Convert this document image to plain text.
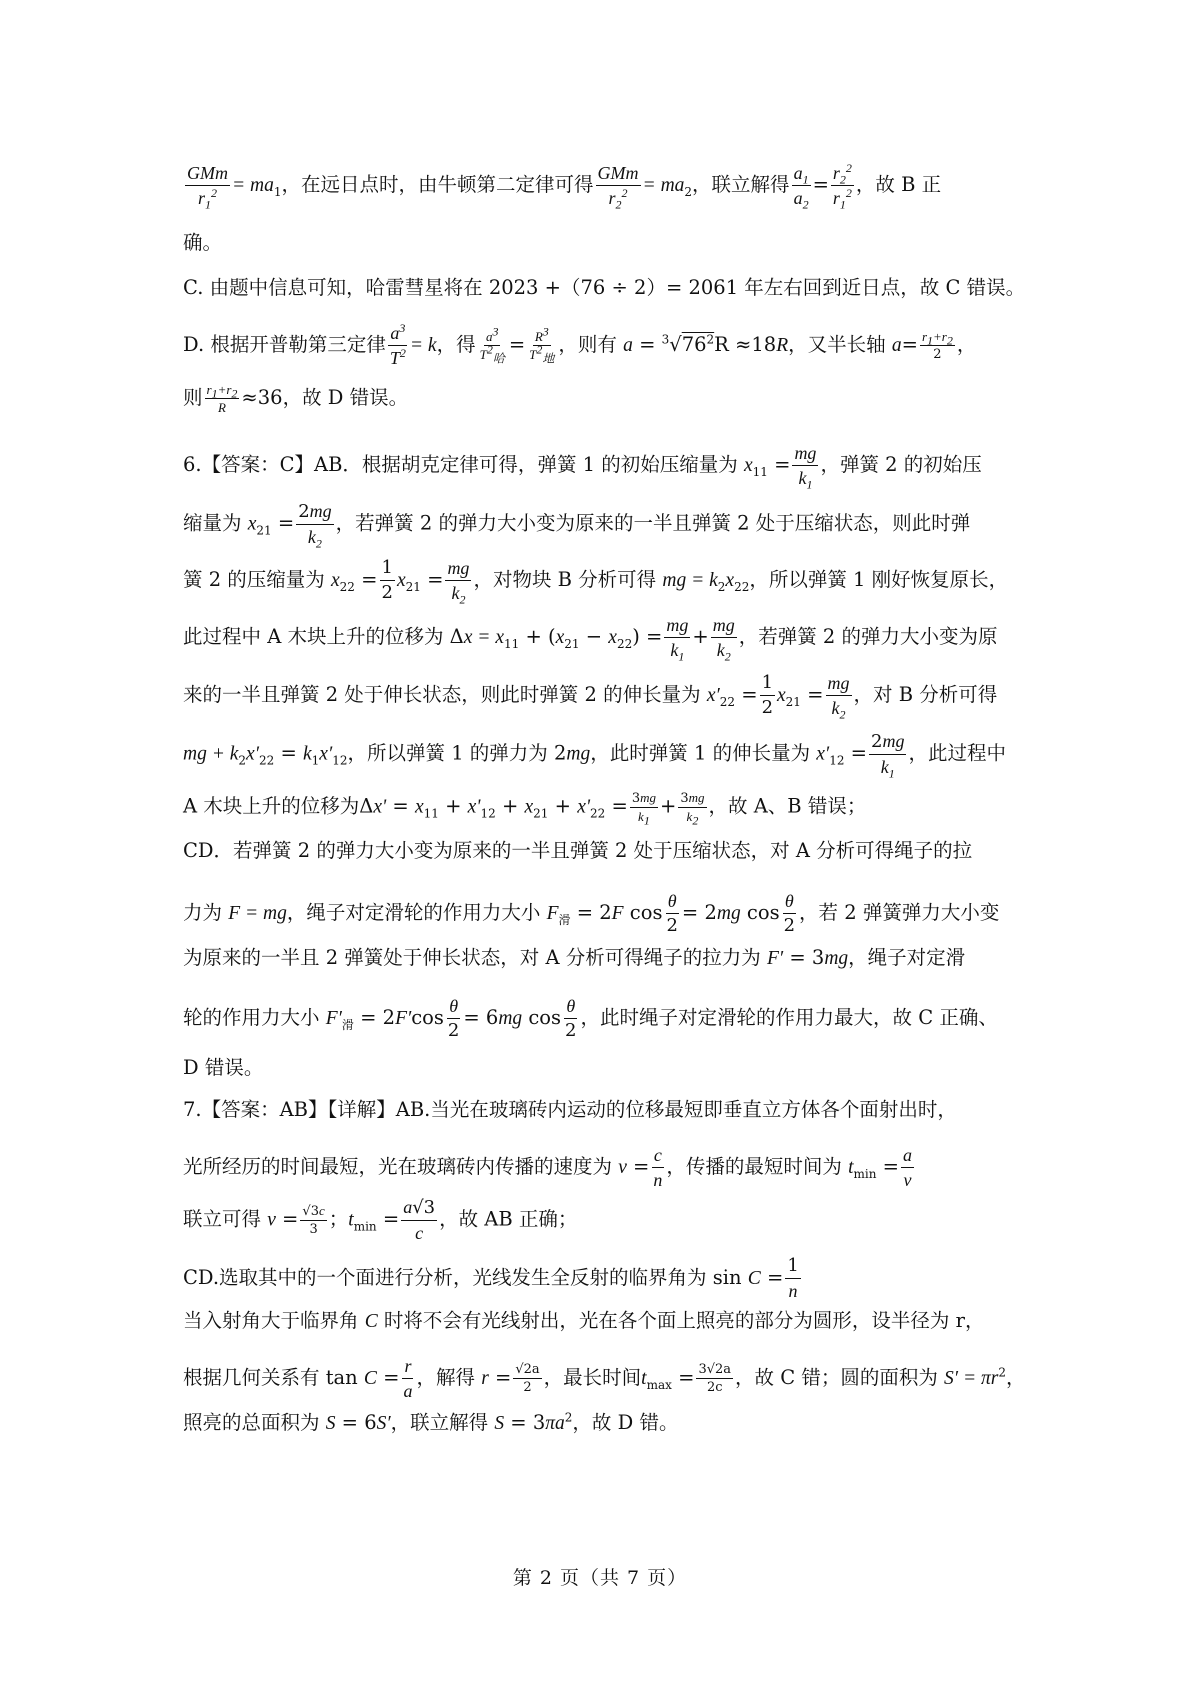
GMm
$r_1^2 = ma_1$，在远日点时，由牛顿第二定律可得 GMm
$r_2^2 = ma_2$，联立解得 $\frac{a_1}{a_2} = \frac{r_2^2}{r_1^2}$ ，故 B 正
确。
C. 由题中信息可知，哈雷彗星将在 2023 +（76 ÷ 2）= 2061 年左右回到近日点，故 C 错误。
D. 根据开普勒第三定律 $\frac{a^3}{T^2} = k$，得 $a^3$
$T^2_哈$
= $R^3$
$T^2_地$
，则有 $a = ^3√76^2R \approx 18R$，又半长轴 $a= \frac{r_1+r_2}{2}$ ，
则 $\frac{r_1+r_2}{R} \approx 36$，故 D 错误。
6.【答案：C】AB．根据胡克定律可得，弹簧 1 的初始压缩量为 $x_{11} = \frac{mg}{k_1}$ ，弹簧 2 的初始压
缩量为 $x_{21} = \frac{2mg}{k_2}$ ，若弹簧 2 的弹力大小变为原来的一半且弹簧 2 处于压缩状态，则此时弹
簧 2 的压缩量为 $x_{22} = \frac{1}{2} x_{21} = \frac{mg}{k_2}$ ，对物块 B 分析可得 mg = $k_2x_{22}$，所以弹簧 1 刚好恢复原长，
此过程中 A 木块上升的位移为 $\Delta x = x_{11} + (x_{21} - x_{22}) = \frac{mg}{k_1} + \frac{mg}{k_2}$ ，若弹簧 2 的弹力大小变为原
来的一半且弹簧 2 处于伸长状态，则此时弹簧 2 的伸长量为 $x'_{22} = \frac{1}{2} x_{21} = \frac{mg}{k_2}$ ，对 B 分析可得
mg + $k_2x'_{22} = k_1x'_{12}$，所以弹簧 1 的弹力为 2mg，此时弹簧 1 的伸长量为 $x'_{12} = \frac{2mg}{k_1}$ ，此过程中
A 木块上升的位移为$\Delta x' = x_{11} + x'_{12} + x_{21} + x'_{22} = \frac{3mg}{k_1} + \frac{3mg}{k_2}$ ，故 A、B 错误；
CD．若弹簧 2 的弹力大小变为原来的一半且弹簧 2 处于压缩状态，对 A 分析可得绳子的拉
力为 F = mg，绳子对定滑轮的作用力大小 $F_滑 = 2F$ $\cos \frac{\theta}{2} = 2mg$ $\cos \frac{\theta}{2}$ ，若 2 弹簧弹力大小变
为原来的一半且 2 弹簧处于伸长状态，对 A 分析可得绳子的拉力为 F′ = 3mg，绳子对定滑
轮的作用力大小 $F'_滑 = 2F'\cos \frac{\theta}{2} = 6mg$ $\cos \frac{\theta}{2}$ ，此时绳子对定滑轮的作用力最大，故 C 正确、
D 错误。
7.【答案：AB】【详解】AB.当光在玻璃砖内运动的位移最短即垂直立方体各个面射出时，
光所经历的时间最短，光在玻璃砖内传播的速度为 $v = \frac{c}{n}$ ，传播的最短时间为 $t_{min} = \frac{a}{v}$
联立可得 $v = \frac{√3c}{3}$ ；$t_{min} = \frac{a√3}{c}$ ，故 AB 正确；
CD.选取其中的一个面进行分析，光线发生全反射的临界角为 $\sin C = \frac{1}{n}$
当入射角大于临界角 C 时将不会有光线射出，光在各个面上照亮的部分为圆形，设半径为 r，
根据几何关系有 $\tan C = \frac{r}{a}$ ，解得 $r = \frac{√2a}{2}$ ，最长时间$t_{max} = \frac{3√2a}{2c}$ ，故 C 错；圆的面积为 $S' = \pi r^2$，
照亮的总面积为 S = 6S′，联立解得 $S = 3\pi a^2$，故 D 错。
第 2 页（共 7 页）
